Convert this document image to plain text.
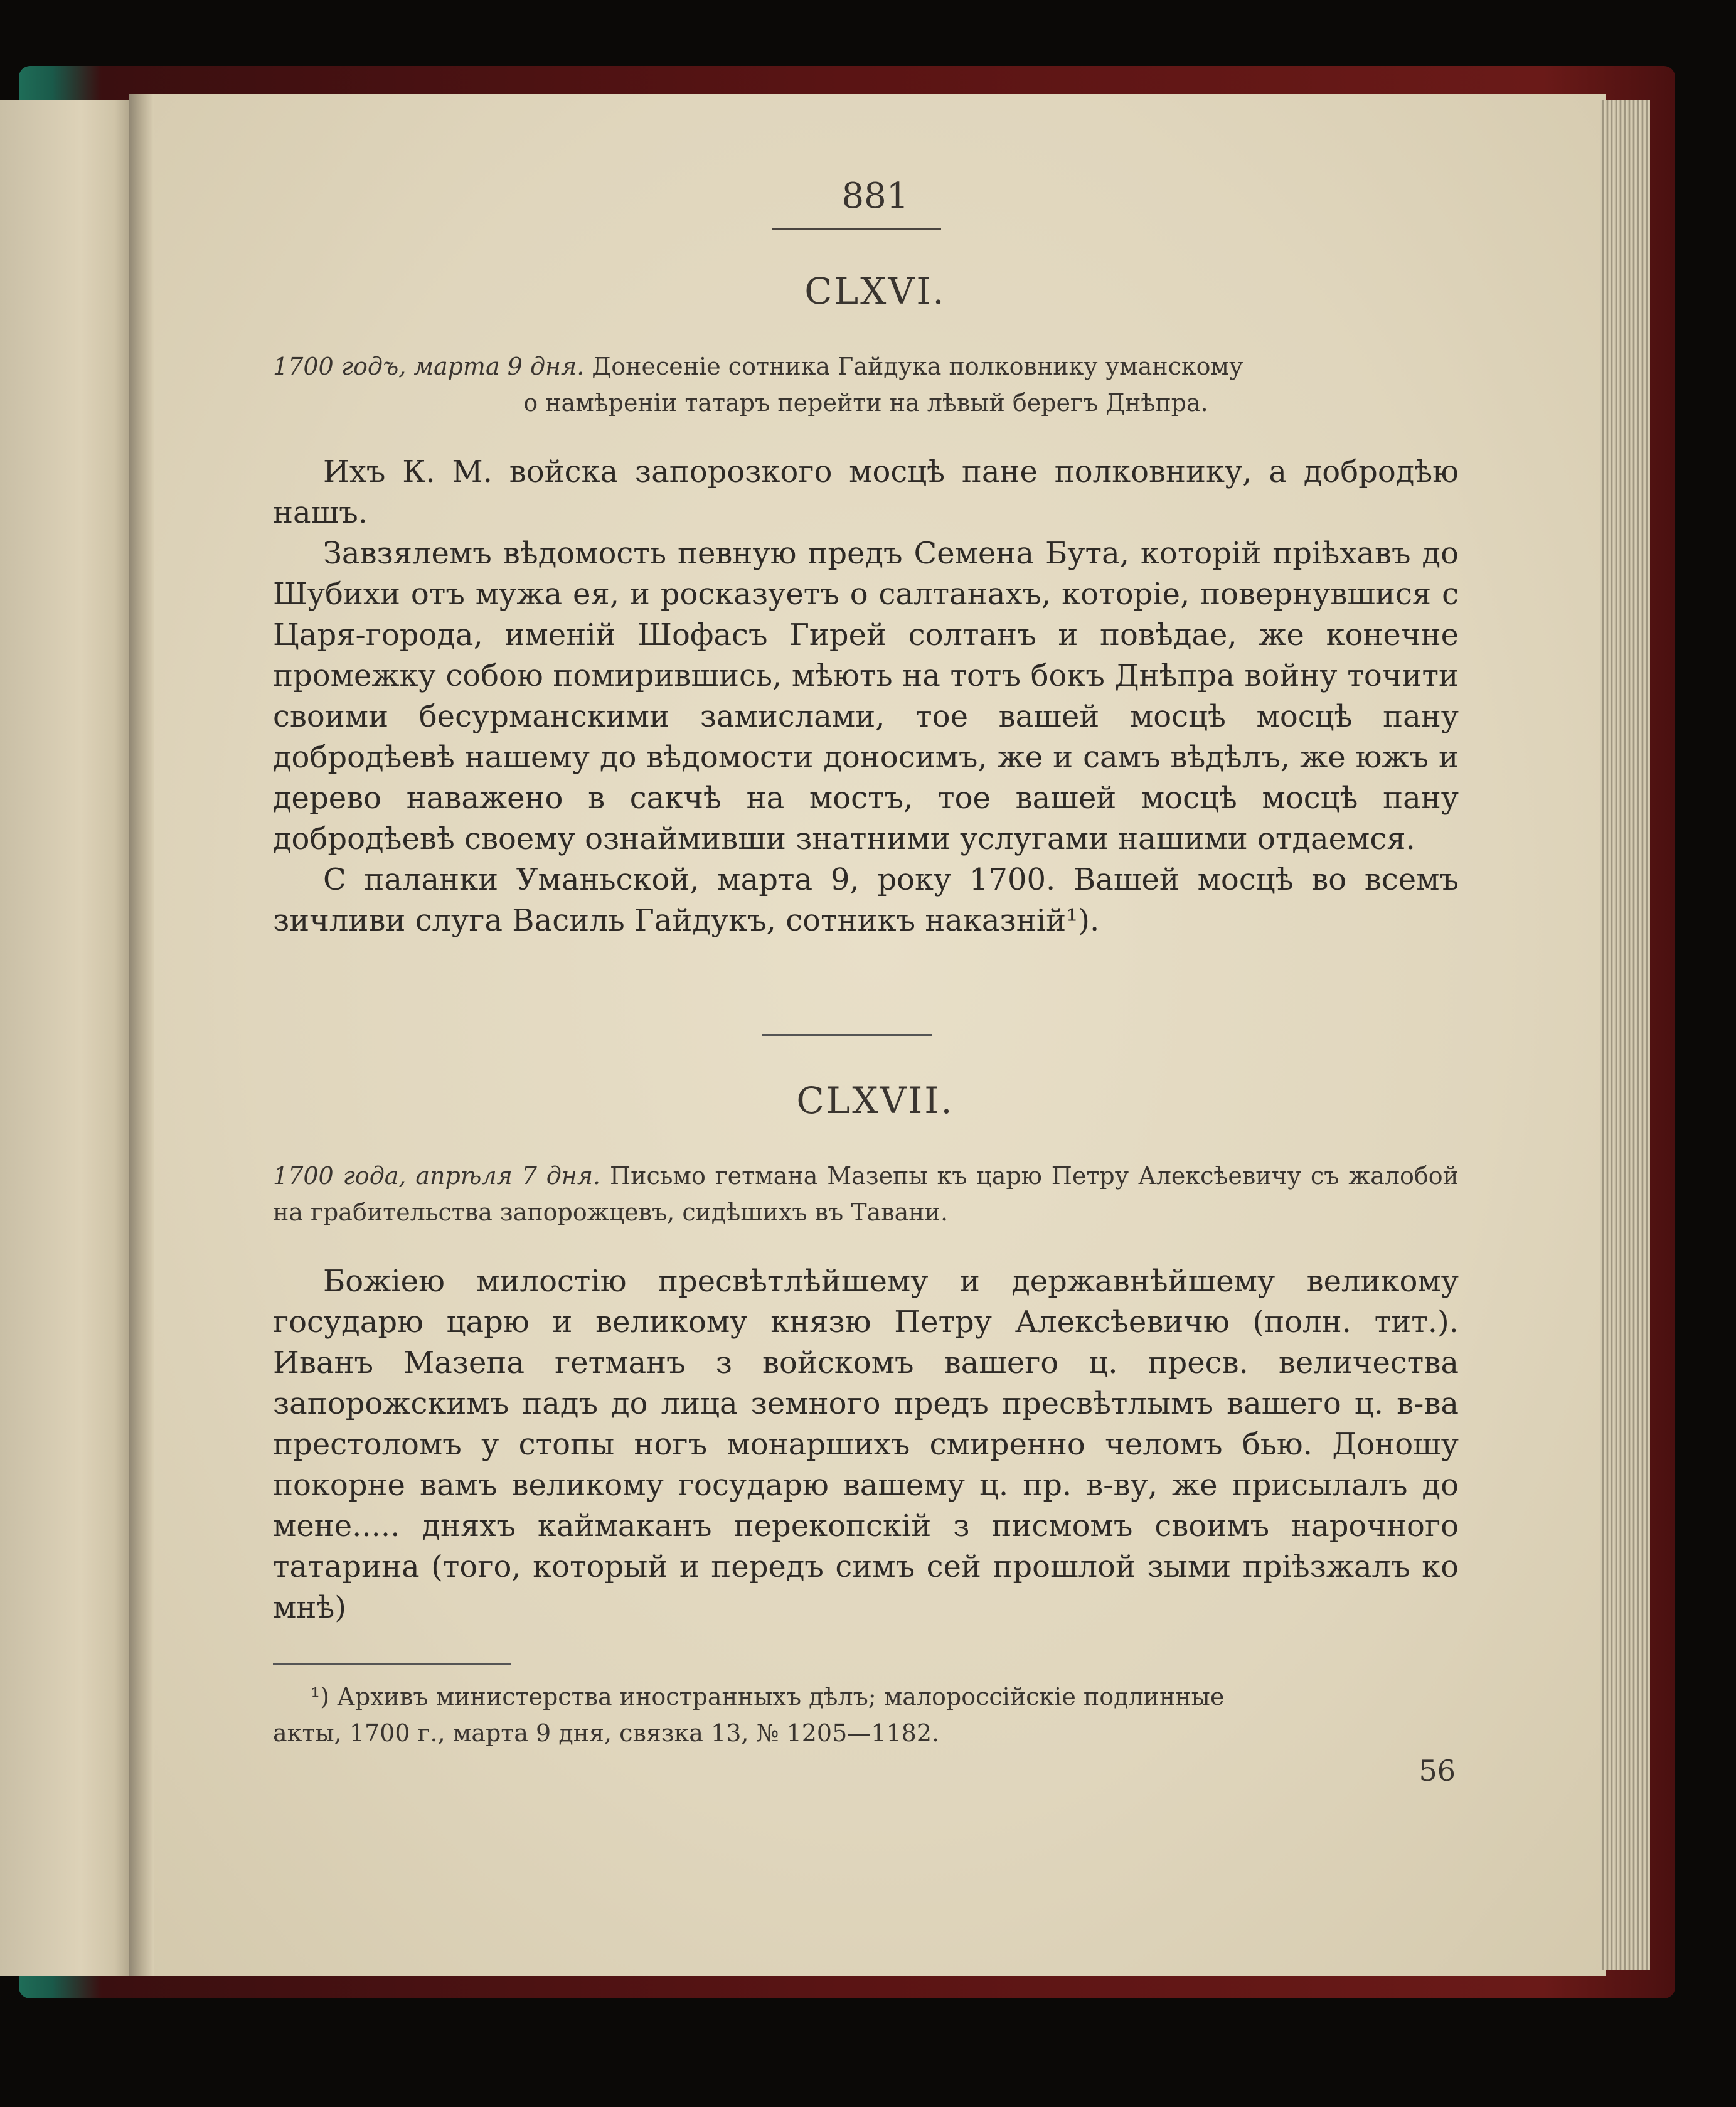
881
CLXVI.
1700 годъ, марта 9 дня. Донесеніе сотника Гайдука полковнику уманскому
о намѣреніи татаръ перейти на лѣвый берегъ Днѣпра.

Ихъ К. М. войска запорозкого мосцѣ пане полковнику, а добродѣю нашъ.

Завзялемъ вѣдомость певную предъ Семена Бута, которій пріѣхавъ до Шубихи отъ мужа ея, и росказуетъ о салтанахъ, которіе, повернувшися с Царя-города, именій Шофасъ Гирей солтанъ и повѣдае, же конечне промежку собою помирившись, мѣють на тотъ бокъ Днѣпра войну точити своими бесурманскими замислами, тое вашей мосцѣ мосцѣ пану добродѣевѣ нашему до вѣдомости доносимъ, же и самъ вѣдѣлъ, же южъ и дерево наважено в сакчѣ на мостъ, тое вашей мосцѣ мосцѣ пану добродѣевѣ своему ознаймивши знатними услугами нашими отдаемся.

С паланки Уманьской, марта 9, року 1700. Вашей мосцѣ во всемъ зичливи слуга Василь Гайдукъ, сотникъ наказній¹).

CLXVII.
1700 года, апрѣля 7 дня. Письмо гетмана Мазепы къ царю Петру Алексѣевичу съ жалобой на грабительства запорожцевъ, сидѣшихъ въ Тавани.

Божіею милостію пресвѣтлѣйшему и державнѣйшему великому государю царю и великому князю Петру Алексѣевичю (полн. тит.). Иванъ Мазепа гетманъ з войскомъ вашего ц. пресв. величества запорожскимъ падъ до лица земного предъ пресвѣтлымъ вашего ц. в-ва престоломъ у стопы ногъ монаршихъ смиренно челомъ бью. Доношу покорне вамъ великому государю вашему ц. пр. в-ву, же присылалъ до мене..... дняхъ каймаканъ перекопскій з писмомъ своимъ нарочного татарина (того, который и передъ симъ сей прошлой зыми пріѣзжалъ ко мнѣ)

¹) Архивъ министерства иностранныхъ дѣлъ; малороссійскіе подлинные
акты, 1700 г., марта 9 дня, связка 13, № 1205—1182.
56
